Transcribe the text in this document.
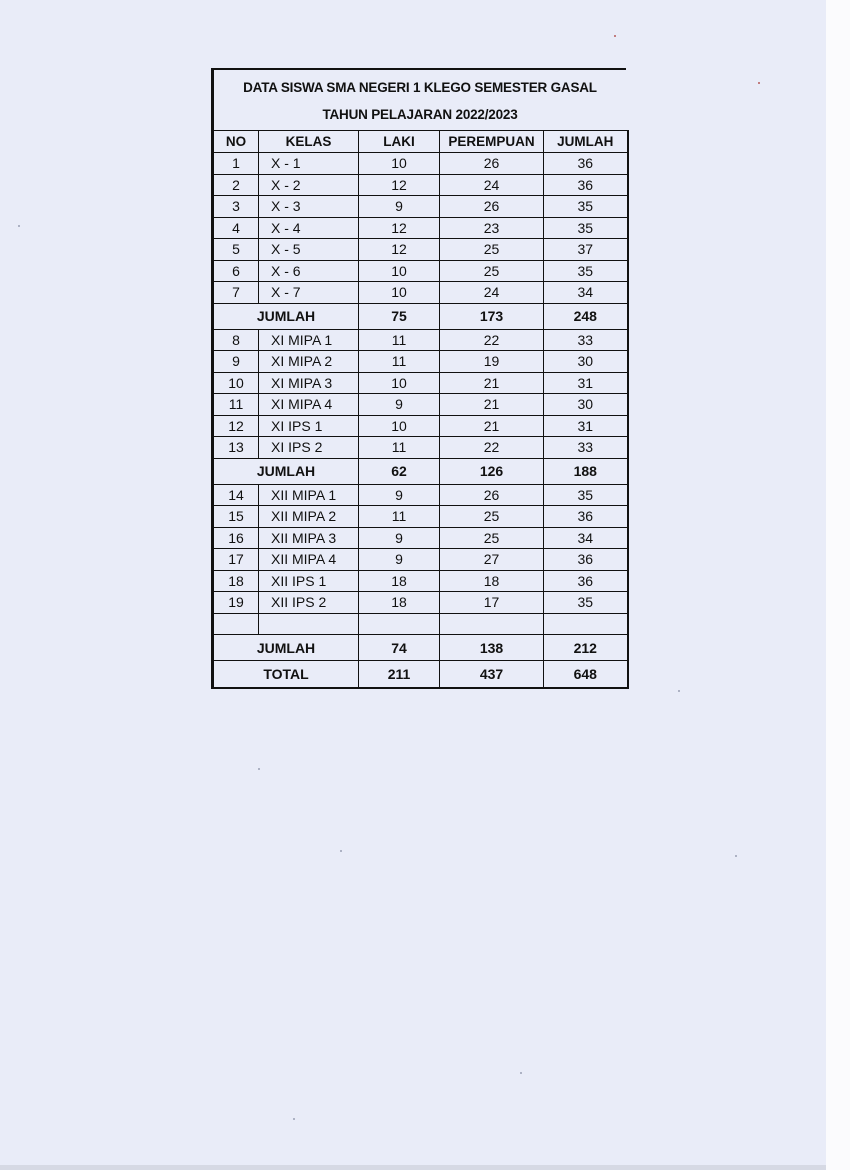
DATA SISWA SMA NEGERI 1 KLEGO SEMESTER GASAL
TAHUN PELAJARAN 2022/2023
NO	KELAS	LAKI	PEREMPUAN	JUMLAH
1	X - 1	10	26	36
2	X - 2	12	24	36
3	X - 3	9	26	35
4	X - 4	12	23	35
5	X - 5	12	25	37
6	X - 6	10	25	35
7	X - 7	10	24	34
JUMLAH		75	173	248
8	XI MIPA 1	11	22	33
9	XI MIPA 2	11	19	30
10	XI MIPA 3	10	21	31
11	XI MIPA 4	9	21	30
12	XI IPS 1	10	21	31
13	XI IPS 2	11	22	33
JUMLAH		62	126	188
14	XII MIPA 1	9	26	35
15	XII MIPA 2	11	25	36
16	XII MIPA 3	9	25	34
17	XII MIPA 4	9	27	36
18	XII IPS 1	18	18	36
19	XII IPS 2	18	17	35

JUMLAH		74	138	212
TOTAL		211	437	648
